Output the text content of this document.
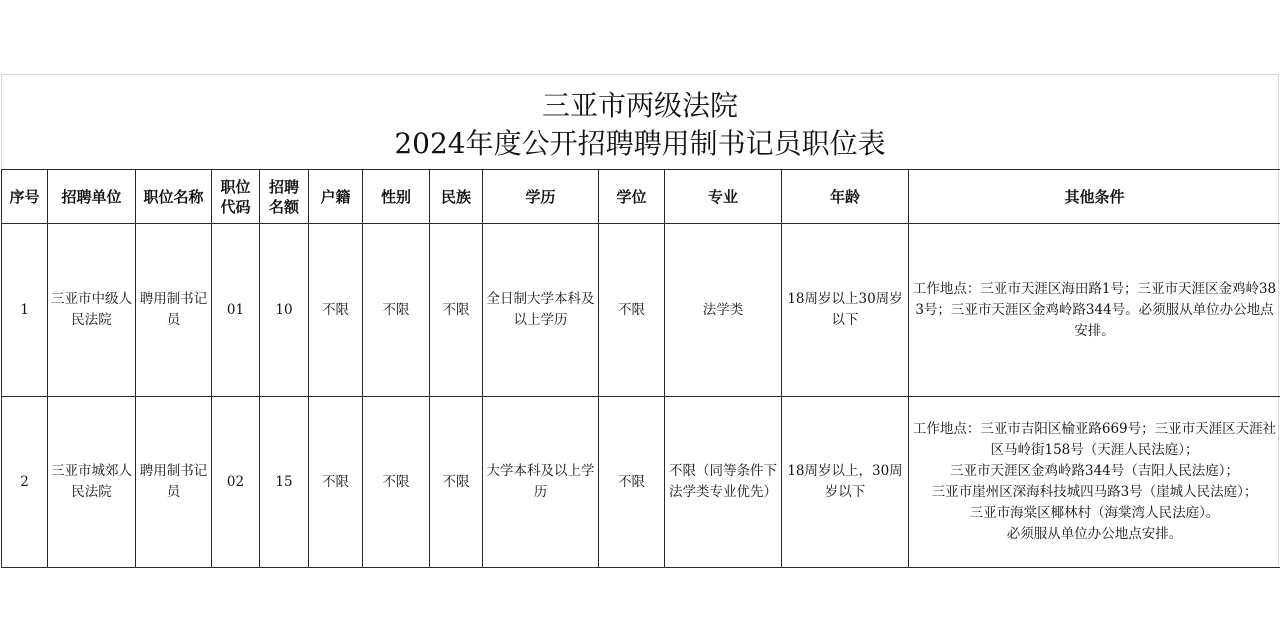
三亚市两级法院
2024年度公开招聘聘用制书记员职位表
序号	招聘单位	职位名称	职位代码	招聘名额	户籍	性别	民族	学历	学位	专业	年龄	其他条件
1	三亚市中级人民法院	聘用制书记员	01	10	不限	不限	不限	全日制大学本科及以上学历	不限	法学类	18周岁以上30周岁以下	工作地点：三亚市天涯区海田路1号；三亚市天涯区金鸡岭383号；三亚市天涯区金鸡岭路344号。必须服从单位办公地点安排。
2	三亚市城郊人民法院	聘用制书记员	02	15	不限	不限	不限	大学本科及以上学历	不限	不限（同等条件下法学类专业优先）	18周岁以上，30周岁以下	工作地点：三亚市吉阳区榆亚路669号；三亚市天涯区天涯社区马岭街158号（天涯人民法庭）；
三亚市天涯区金鸡岭路344号（吉阳人民法庭）；
三亚市崖州区深海科技城四马路3号（崖城人民法庭）；
三亚市海棠区椰林村（海棠湾人民法庭）。
必须服从单位办公地点安排。
